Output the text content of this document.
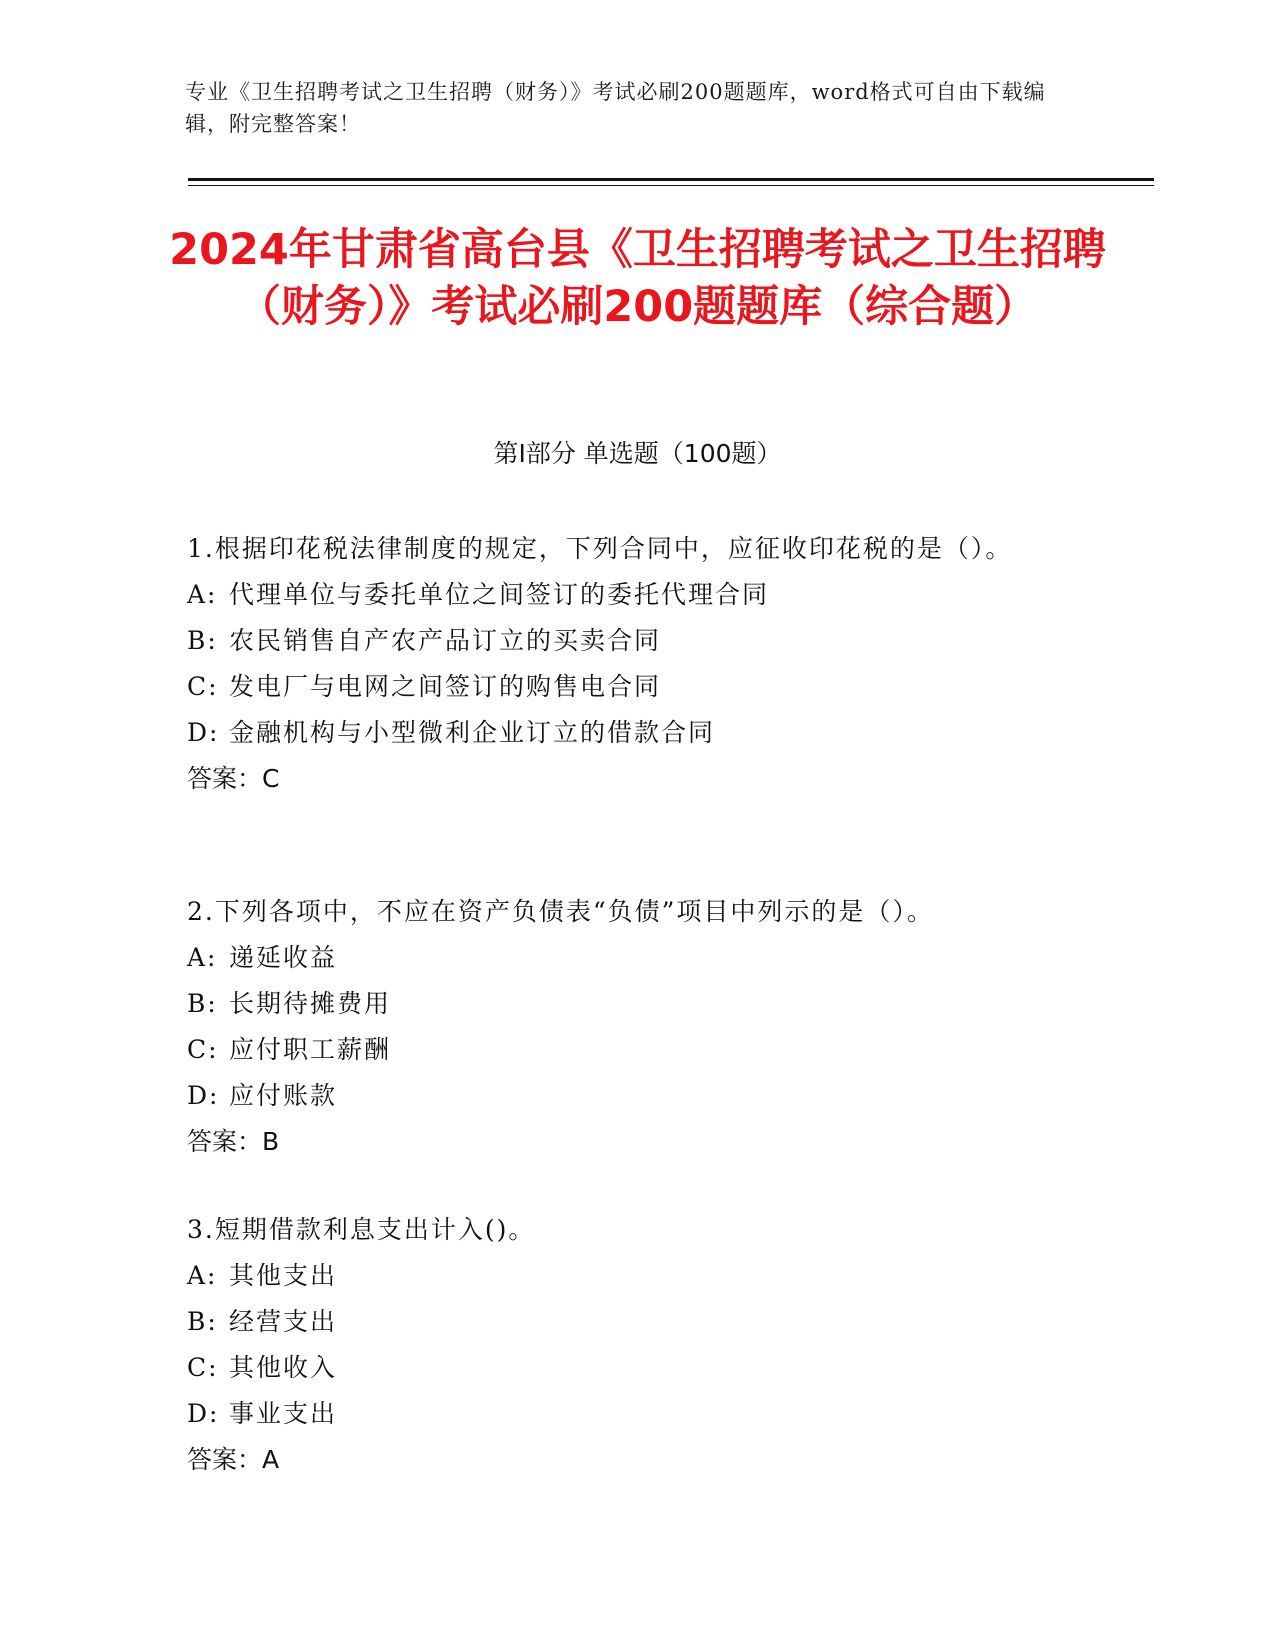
专业《卫生招聘考试之卫生招聘（财务）》考试必刷200题题库，word格式可自由下载编辑，附完整答案！
2024年甘肃省高台县《卫生招聘考试之卫生招聘（财务）》考试必刷200题题库（综合题）
第Ⅰ部分 单选题（100题）

1.根据印花税法律制度的规定，下列合同中，应征收印花税的是（）。

A: 代理单位与委托单位之间签订的委托代理合同

B: 农民销售自产农产品订立的买卖合同

C: 发电厂与电网之间签订的购售电合同

D: 金融机构与小型微利企业订立的借款合同

答案：C

2.下列各项中，不应在资产负债表“负债”项目中列示的是（）。

A: 递延收益

B: 长期待摊费用

C: 应付职工薪酬

D: 应付账款

答案：B

3.短期借款利息支出计入()。

A: 其他支出

B: 经营支出

C: 其他收入

D: 事业支出

答案：A
